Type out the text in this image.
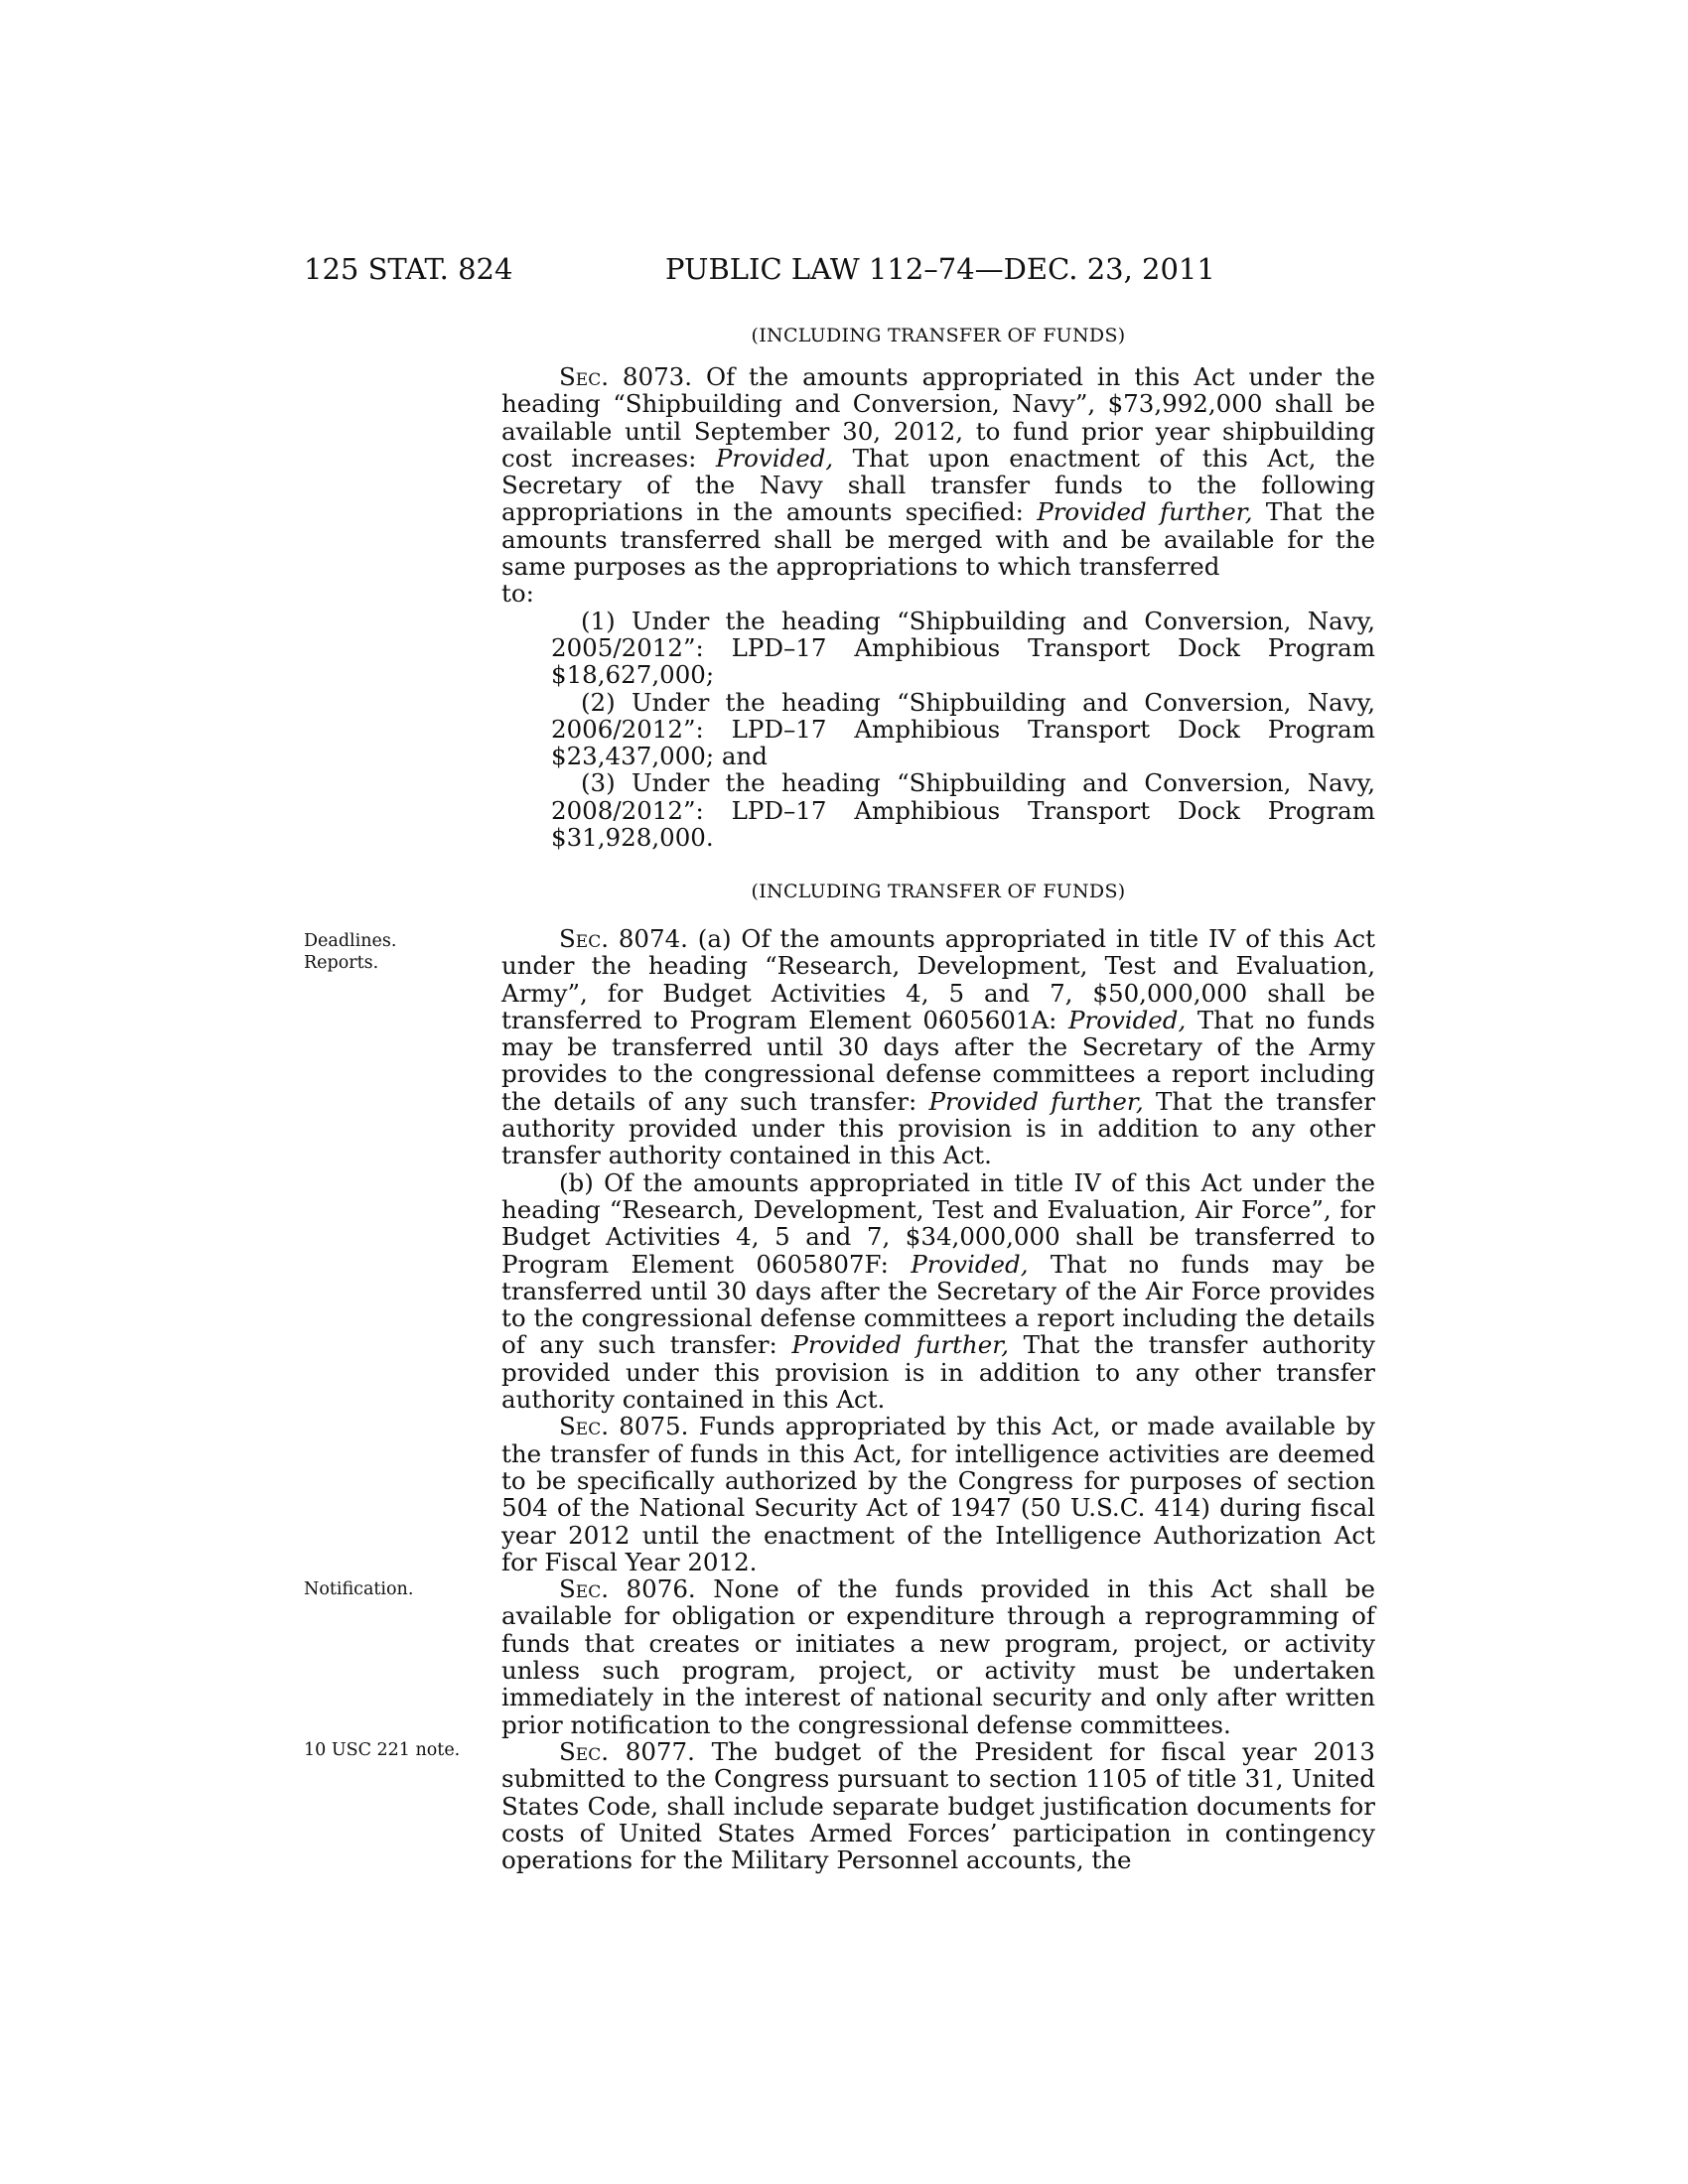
125 STAT. 824	PUBLIC LAW 112–74—DEC. 23, 2011
(INCLUDING TRANSFER OF FUNDS)

Sec. 8073. Of the amounts appropriated in this Act under the heading “Shipbuilding and Conversion, Navy”, $73,992,000 shall be available until September 30, 2012, to fund prior year shipbuilding cost increases: Provided, That upon enactment of this Act, the Secretary of the Navy shall transfer funds to the following appropriations in the amounts specified: Provided further, That the amounts transferred shall be merged with and be available for the same purposes as the appropriations to which transferred

to:

(1) Under the heading “Shipbuilding and Conversion, Navy, 2005/2012”: LPD–17 Amphibious Transport Dock Program $18,627,000;

(2) Under the heading “Shipbuilding and Conversion, Navy, 2006/2012”: LPD–17 Amphibious Transport Dock Program $23,437,000; and

(3) Under the heading “Shipbuilding and Conversion, Navy, 2008/2012”: LPD–17 Amphibious Transport Dock Program $31,928,000.

(INCLUDING TRANSFER OF FUNDS)
Deadlines.
Reports.
Notification.
10 USC 221 note.

Sec. 8074. (a) Of the amounts appropriated in title IV of this Act under the heading “Research, Development, Test and Evaluation, Army”, for Budget Activities 4, 5 and 7, $50,000,000 shall be transferred to Program Element 0605601A: Provided, That no funds may be transferred until 30 days after the Secretary of the Army provides to the congressional defense committees a report including the details of any such transfer: Provided further, That the transfer authority provided under this provision is in addition to any other transfer authority contained in this Act.

(b) Of the amounts appropriated in title IV of this Act under the heading “Research, Development, Test and Evaluation, Air Force”, for Budget Activities 4, 5 and 7, $34,000,000 shall be transferred to Program Element 0605807F: Provided, That no funds may be transferred until 30 days after the Secretary of the Air Force provides to the congressional defense committees a report including the details of any such transfer: Provided further, That the transfer authority provided under this provision is in addition to any other transfer authority contained in this Act.

Sec. 8075. Funds appropriated by this Act, or made available by the transfer of funds in this Act, for intelligence activities are deemed to be specifically authorized by the Congress for purposes of section 504 of the National Security Act of 1947 (50 U.S.C. 414) during fiscal year 2012 until the enactment of the Intelligence Authorization Act for Fiscal Year 2012.

Sec. 8076. None of the funds provided in this Act shall be available for obligation or expenditure through a reprogramming of funds that creates or initiates a new program, project, or activity unless such program, project, or activity must be undertaken immediately in the interest of national security and only after written prior notification to the congressional defense committees.

Sec. 8077. The budget of the President for fiscal year 2013 submitted to the Congress pursuant to section 1105 of title 31, United States Code, shall include separate budget justification documents for costs of United States Armed Forces’ participation in contingency operations for the Military Personnel accounts, the
